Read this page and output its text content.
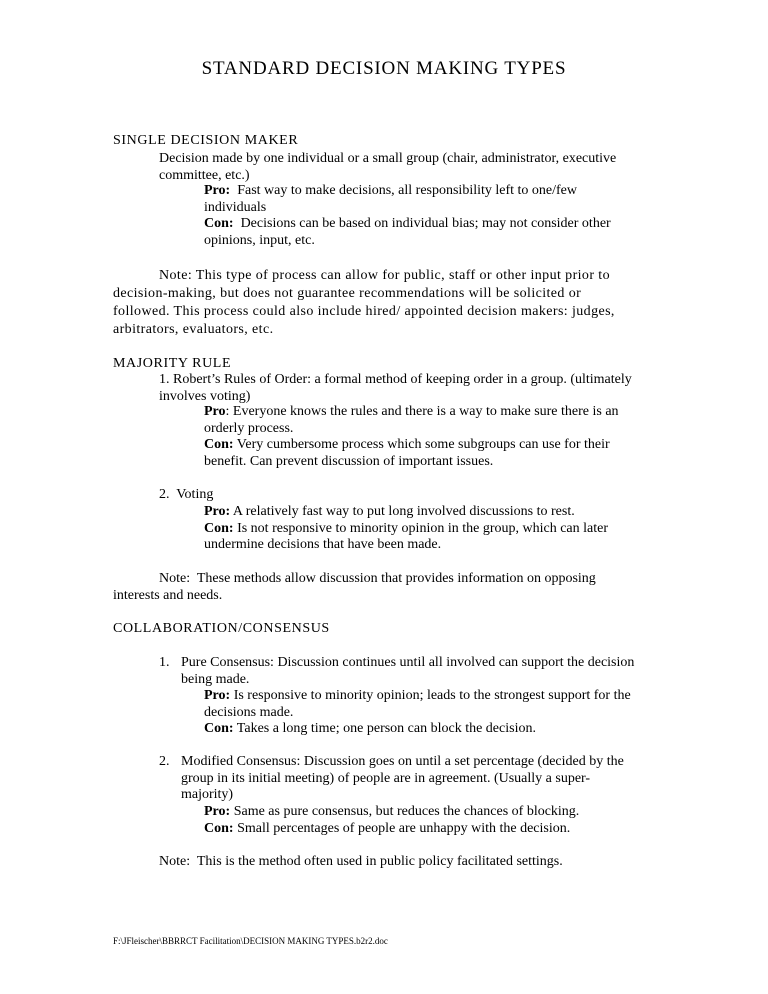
STANDARD DECISION MAKING TYPES
SINGLE DECISION MAKER
Decision made by one individual or a small group (chair, administrator, executive
committee, etc.)
Pro:  Fast way to make decisions, all responsibility left to one/few
individuals
Con:  Decisions can be based on individual bias; may not consider other
opinions, input, etc.
Note: This type of process can allow for public, staff or other input prior to
decision-making, but does not guarantee recommendations will be solicited or
followed. This process could also include hired/ appointed decision makers: judges,
arbitrators, evaluators, etc.
MAJORITY RULE
1. Robert’s Rules of Order: a formal method of keeping order in a group. (ultimately
involves voting)
Pro: Everyone knows the rules and there is a way to make sure there is an
orderly process.
Con: Very cumbersome process which some subgroups can use for their
benefit. Can prevent discussion of important issues.
2.  Voting
Pro: A relatively fast way to put long involved discussions to rest.
Con: Is not responsive to minority opinion in the group, which can later
undermine decisions that have been made.
Note:  These methods allow discussion that provides information on opposing
interests and needs.
COLLABORATION/CONSENSUS
1. Pure Consensus: Discussion continues until all involved can support the decision
being made.
Pro: Is responsive to minority opinion; leads to the strongest support for the
decisions made.
Con: Takes a long time; one person can block the decision.
2. Modified Consensus: Discussion goes on until a set percentage (decided by the
group in its initial meeting) of people are in agreement. (Usually a super-
majority)
Pro: Same as pure consensus, but reduces the chances of blocking.
Con: Small percentages of people are unhappy with the decision.
Note:  This is the method often used in public policy facilitated settings.
F:\JFleischer\BBRRCT Facilitation\DECISION MAKING TYPES.b2r2.doc
